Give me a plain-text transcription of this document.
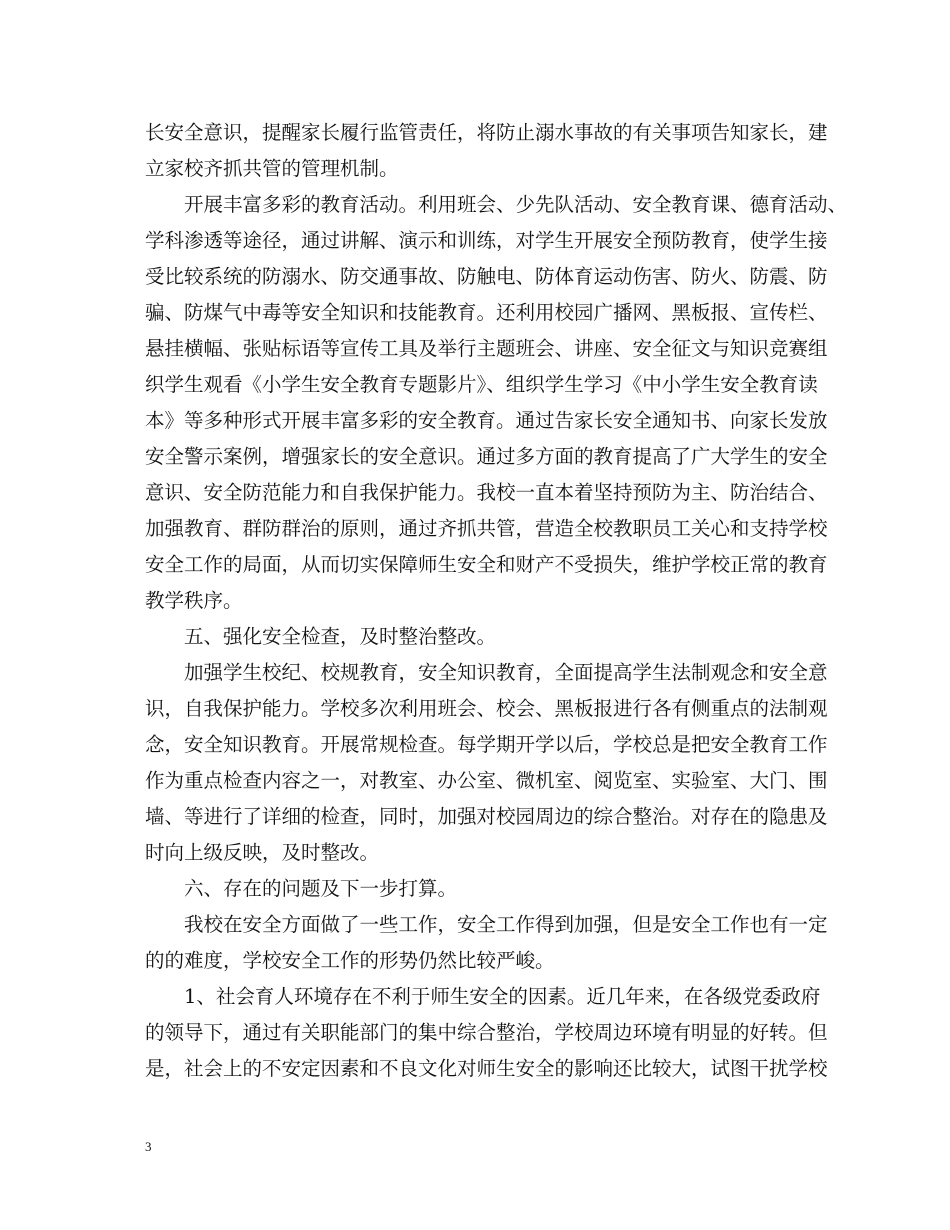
长安全意识，提醒家长履行监管责任，将防止溺水事故的有关事项告知家长，建
立家校齐抓共管的管理机制。
开展丰富多彩的教育活动。利用班会、少先队活动、安全教育课、德育活动、
学科渗透等途径，通过讲解、演示和训练，对学生开展安全预防教育，使学生接
受比较系统的防溺水、防交通事故、防触电、防体育运动伤害、防火、防震、防
骗、防煤气中毒等安全知识和技能教育。还利用校园广播网、黑板报、宣传栏、
悬挂横幅、张贴标语等宣传工具及举行主题班会、讲座、安全征文与知识竞赛组
织学生观看《小学生安全教育专题影片》、组织学生学习《中小学生安全教育读
本》等多种形式开展丰富多彩的安全教育。通过告家长安全通知书、向家长发放
安全警示案例，增强家长的安全意识。通过多方面的教育提高了广大学生的安全
意识、安全防范能力和自我保护能力。我校一直本着坚持预防为主、防治结合、
加强教育、群防群治的原则，通过齐抓共管，营造全校教职员工关心和支持学校
安全工作的局面，从而切实保障师生安全和财产不受损失，维护学校正常的教育
教学秩序。
五、强化安全检查，及时整治整改。
加强学生校纪、校规教育，安全知识教育，全面提高学生法制观念和安全意
识，自我保护能力。学校多次利用班会、校会、黑板报进行各有侧重点的法制观
念，安全知识教育。开展常规检查。每学期开学以后，学校总是把安全教育工作
作为重点检查内容之一，对教室、办公室、微机室、阅览室、实验室、大门、围
墙、等进行了详细的检查，同时，加强对校园周边的综合整治。对存在的隐患及
时向上级反映，及时整改。
六、存在的问题及下一步打算。
我校在安全方面做了一些工作，安全工作得到加强，但是安全工作也有一定
的的难度，学校安全工作的形势仍然比较严峻。
1、社会育人环境存在不利于师生安全的因素。近几年来，在各级党委政府
的领导下，通过有关职能部门的集中综合整治，学校周边环境有明显的好转。但
是，社会上的不安定因素和不良文化对师生安全的影响还比较大，试图干扰学校
3
